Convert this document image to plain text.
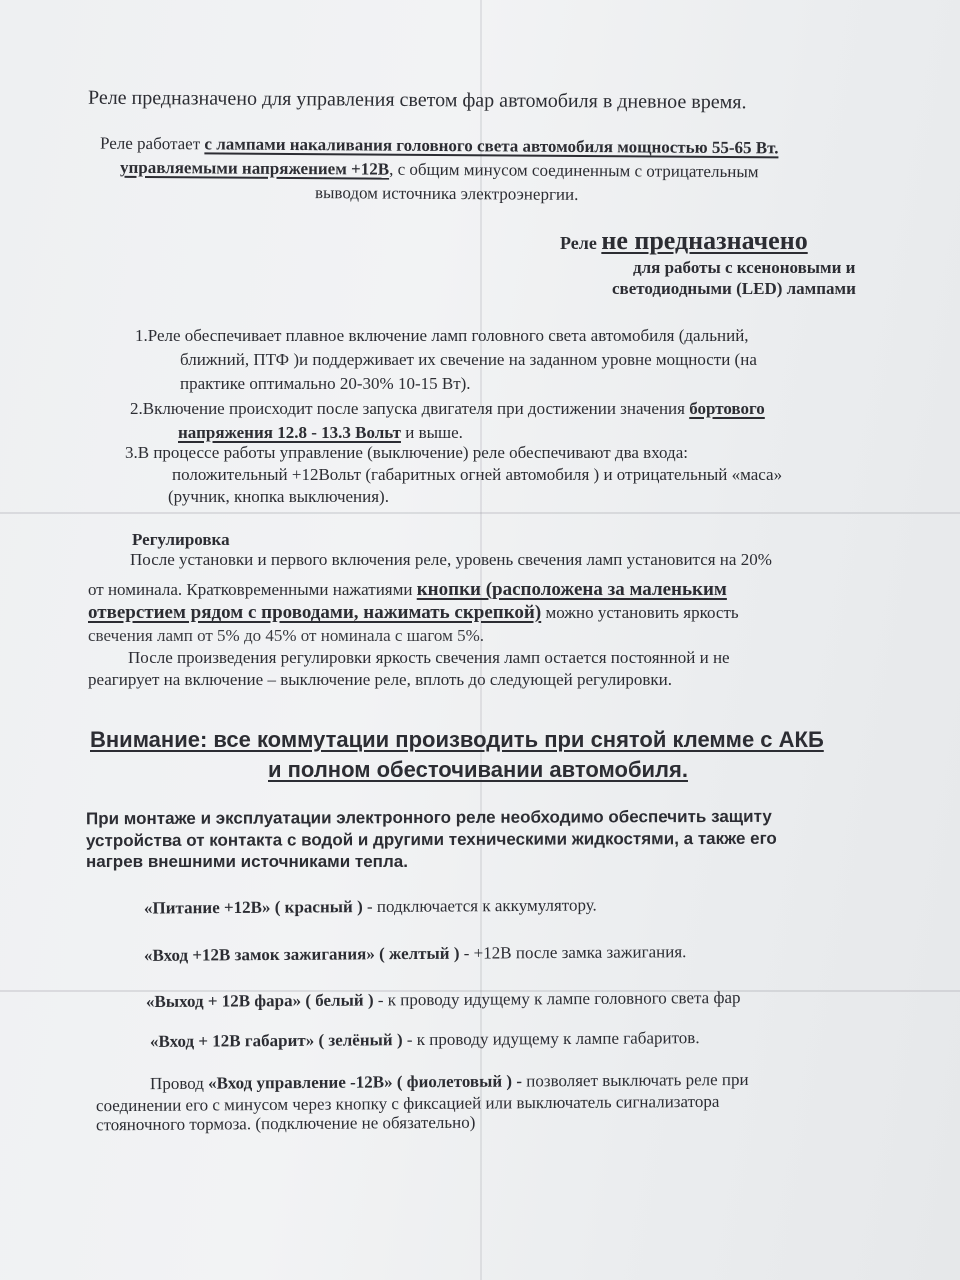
Реле предназначено для управления светом фар автомобиля в дневное время.
Реле работает с лампами накаливания головного света автомобиля мощностью 55-65 Вт.
управляемыми напряжением +12В, с общим минусом соединенным с отрицательным
выводом источника электроэнергии.
Реле не предназначено
для работы с ксеноновыми и
светодиодными (LED) лампами
1.Реле обеспечивает плавное включение ламп головного света автомобиля (дальний,
ближний, ПТФ )и поддерживает их свечение на заданном уровне мощности (на
практике оптимально 20-30% 10-15 Вт).
2.Включение происходит после запуска двигателя при достижении значения бортового
напряжения 12.8 - 13.3 Вольт и выше.
3.В процессе работы управление (выключение) реле обеспечивают два входа:
положительный +12Вольт (габаритных огней автомобиля ) и отрицательный «маса»
(ручник, кнопка выключения).
Регулировка
После установки и первого включения реле, уровень свечения ламп установится на 20%
от номинала. Кратковременными нажатиями кнопки (расположена за маленьким
отверстием рядом с проводами, нажимать скрепкой) можно установить яркость
свечения ламп от 5% до 45% от номинала с шагом 5%.
После произведения регулировки яркость свечения ламп остается постоянной и не
реагирует на включение – выключение реле, вплоть до следующей регулировки.
Внимание: все коммутации производить при снятой клемме с АКБ
и полном обесточивании автомобиля.
При монтаже и эксплуатации электронного реле необходимо обеспечить защиту
устройства от контакта с водой и другими техническими жидкостями, а также его
нагрев внешними источниками тепла.
«Питание +12В» ( красный ) - подключается к аккумулятору.
«Вход +12В замок зажигания» ( желтый ) - +12В после замка зажигания.
«Выход + 12В фара» ( белый ) - к проводу идущему к лампе головного света фар
«Вход + 12В габарит» ( зелёный ) - к проводу идущему к лампе габаритов.
Провод «Вход управление -12В» ( фиолетовый ) - позволяет выключать реле при
соединении его с минусом через кнопку с фиксацией или выключатель сигнализатора
стояночного тормоза. (подключение не обязательно)
